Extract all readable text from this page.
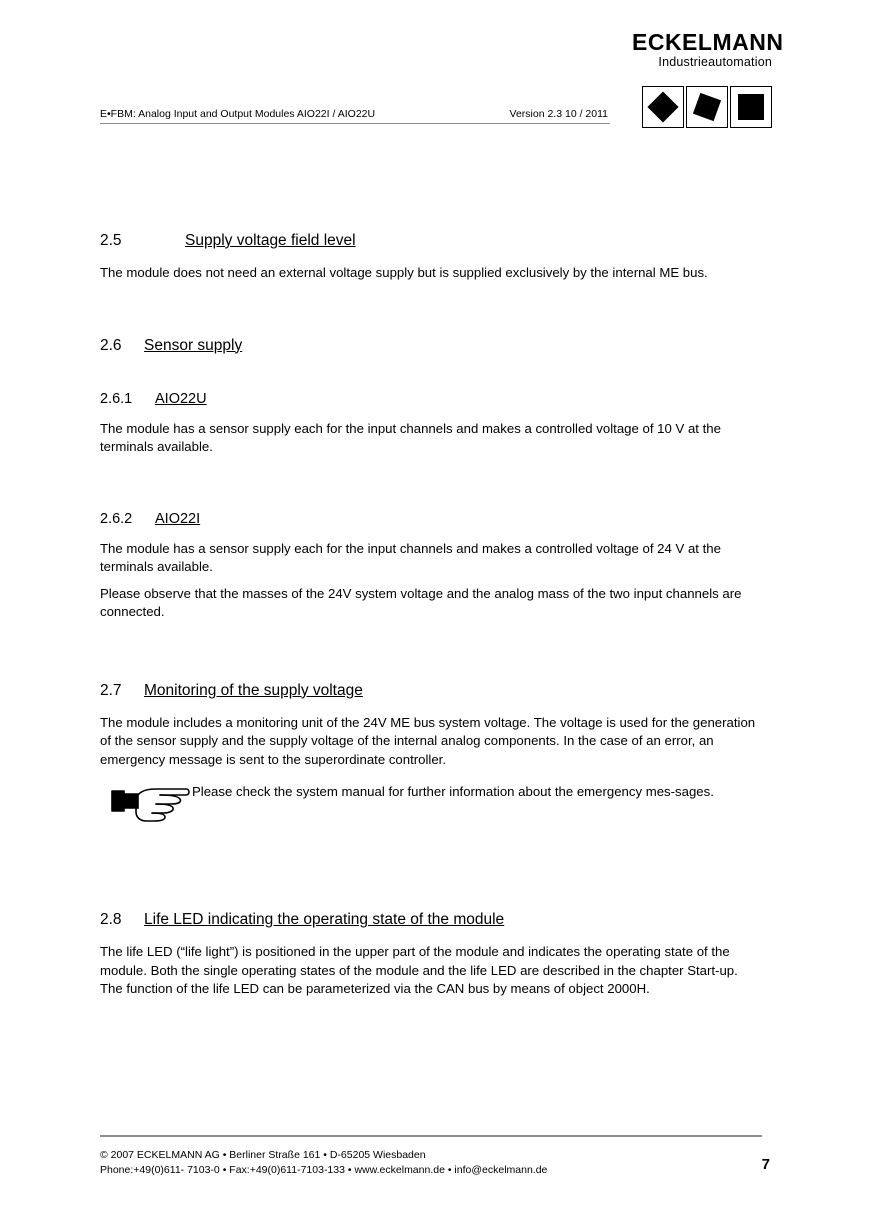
ECKELMANN
Industrieautomation
E•FBM: Analog Input and Output Modules AIO22I / AIO22U	Version 2.3 10 / 2011
2.5	Supply voltage field level

The module does not need an external voltage supply but is supplied exclusively by the internal ME bus.

2.6	Sensor supply
2.6.1	AIO22U

The module has a sensor supply each for the input channels and makes a controlled voltage of 10 V at the terminals available.

2.6.2	AIO22I

The module has a sensor supply each for the input channels and makes a controlled voltage of 24 V at the terminals available.

Please observe that the masses of the 24V system voltage and the analog mass of the two input channels are connected.

2.7	Monitoring of the supply voltage

The module includes a monitoring unit of the 24V ME bus system voltage. The voltage is used for the generation of the sensor supply and the supply voltage of the internal analog components. In the case of an error, an emergency message is sent to the superordinate controller.

Please check the system manual for further information about the emergency mes-sages.
2.8	Life LED indicating the operating state of the module

The life LED (“life light”) is positioned in the upper part of the module and indicates the operating state of the module. Both the single operating states of the module and the life LED are described in the chapter Start-up. The function of the life LED can be parameterized via the CAN bus by means of object 2000H.

© 2007 ECKELMANN AG • Berliner Straße 161 • D-65205 Wiesbaden
Phone:+49(0)611- 7103-0 • Fax:+49(0)611-7103-133 • www.eckelmann.de • info@eckelmann.de	7
